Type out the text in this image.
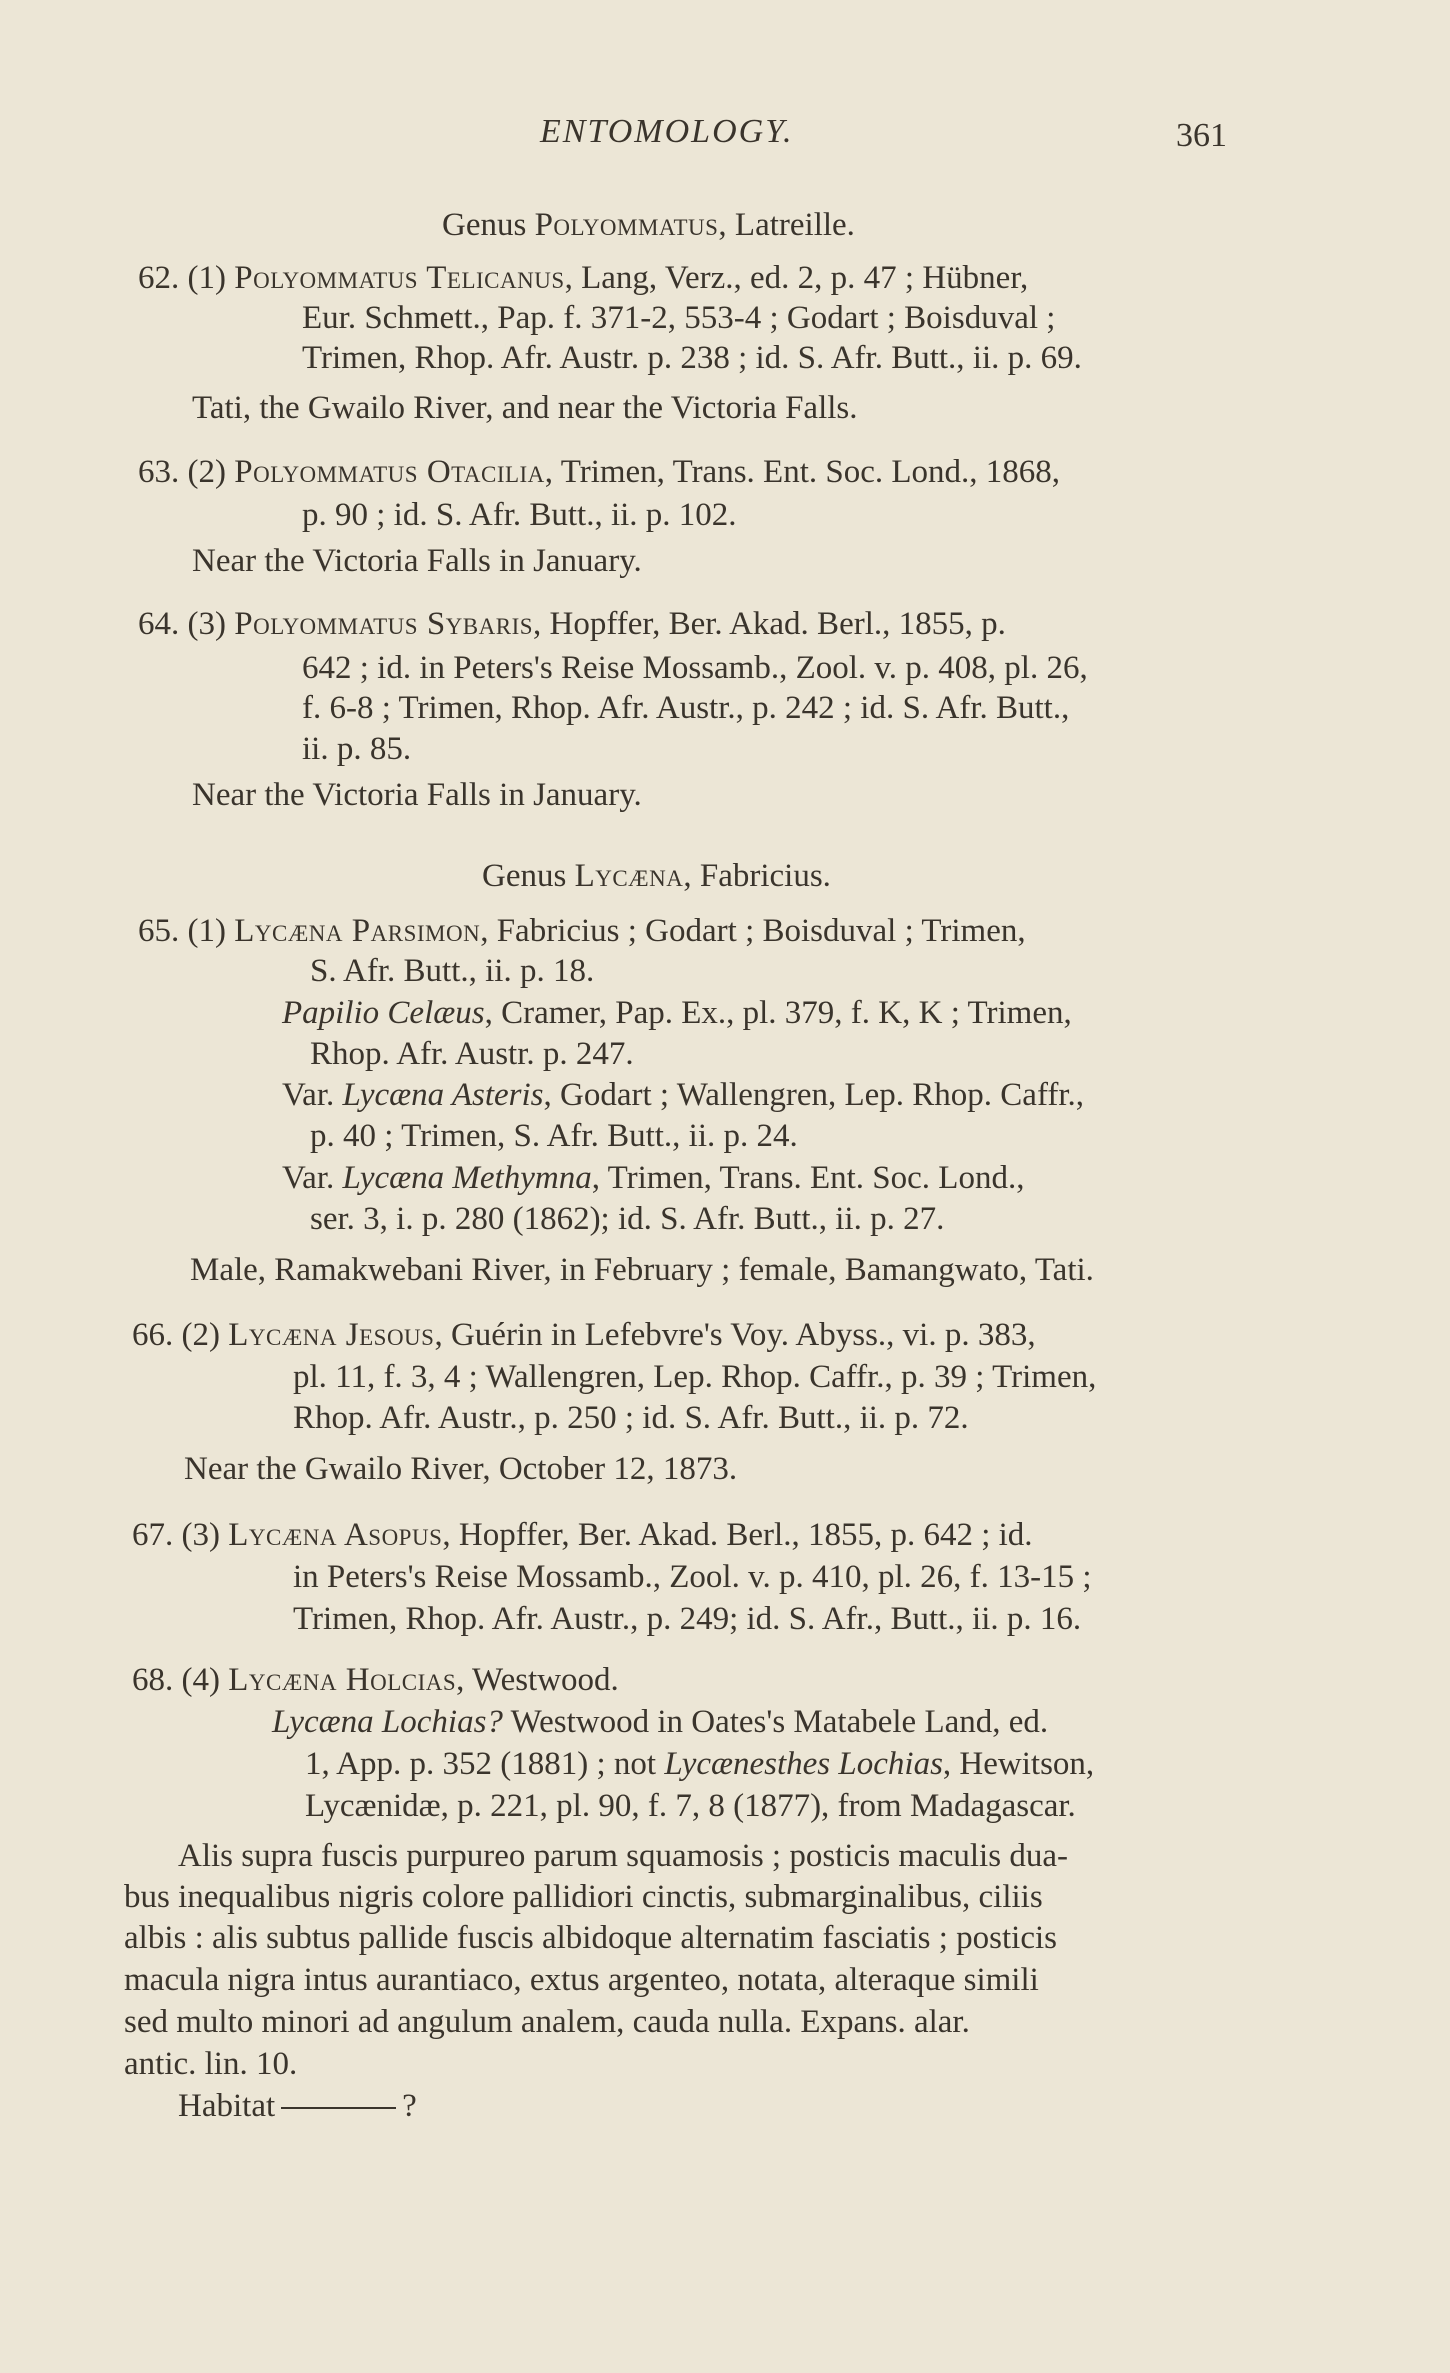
ENTOMOLOGY.	361
Genus Polyommatus, Latreille.
62. (1) Polyommatus Telicanus, Lang, Verz., ed. 2, p. 47 ; Hübner,
Eur. Schmett., Pap. f. 371-2, 553-4 ; Godart ; Boisduval ;
Trimen, Rhop. Afr. Austr. p. 238 ; id. S. Afr. Butt., ii. p. 69.
Tati, the Gwailo River, and near the Victoria Falls.
63. (2) Polyommatus Otacilia, Trimen, Trans. Ent. Soc. Lond., 1868,
p. 90 ; id. S. Afr. Butt., ii. p. 102.
Near the Victoria Falls in January.
64. (3) Polyommatus Sybaris, Hopffer, Ber. Akad. Berl., 1855, p.
642 ; id. in Peters's Reise Mossamb., Zool. v. p. 408, pl. 26,
f. 6-8 ; Trimen, Rhop. Afr. Austr., p. 242 ; id. S. Afr. Butt.,
ii. p. 85.
Near the Victoria Falls in January.
Genus Lycæna, Fabricius.
65. (1) Lycæna Parsimon, Fabricius ; Godart ; Boisduval ; Trimen,
S. Afr. Butt., ii. p. 18.
Papilio Celæus, Cramer, Pap. Ex., pl. 379, f. K, K ; Trimen,
Rhop. Afr. Austr. p. 247.
Var. Lycæna Asteris, Godart ; Wallengren, Lep. Rhop. Caffr.,
p. 40 ; Trimen, S. Afr. Butt., ii. p. 24.
Var. Lycæna Methymna, Trimen, Trans. Ent. Soc. Lond.,
ser. 3, i. p. 280 (1862); id. S. Afr. Butt., ii. p. 27.
Male, Ramakwebani River, in February ; female, Bamangwato, Tati.
66. (2) Lycæna Jesous, Guérin in Lefebvre's Voy. Abyss., vi. p. 383,
pl. 11, f. 3, 4 ; Wallengren, Lep. Rhop. Caffr., p. 39 ; Trimen,
Rhop. Afr. Austr., p. 250 ; id. S. Afr. Butt., ii. p. 72.
Near the Gwailo River, October 12, 1873.
67. (3) Lycæna Asopus, Hopffer, Ber. Akad. Berl., 1855, p. 642 ; id.
in Peters's Reise Mossamb., Zool. v. p. 410, pl. 26, f. 13-15 ;
Trimen, Rhop. Afr. Austr., p. 249; id. S. Afr., Butt., ii. p. 16.
68. (4) Lycæna Holcias, Westwood.
Lycæna Lochias? Westwood in Oates's Matabele Land, ed.
1, App. p. 352 (1881) ; not Lycænesthes Lochias, Hewitson,
Lycænidæ, p. 221, pl. 90, f. 7, 8 (1877), from Madagascar.
Alis supra fuscis purpureo parum squamosis ; posticis maculis dua-
bus inequalibus nigris colore pallidiori cinctis, submarginalibus, ciliis
albis : alis subtus pallide fuscis albidoque alternatim fasciatis ; posticis
macula nigra intus aurantiaco, extus argenteo, notata, alteraque simili
sed multo minori ad angulum analem, cauda nulla. Expans. alar.
antic. lin. 10.
Habitat	?
